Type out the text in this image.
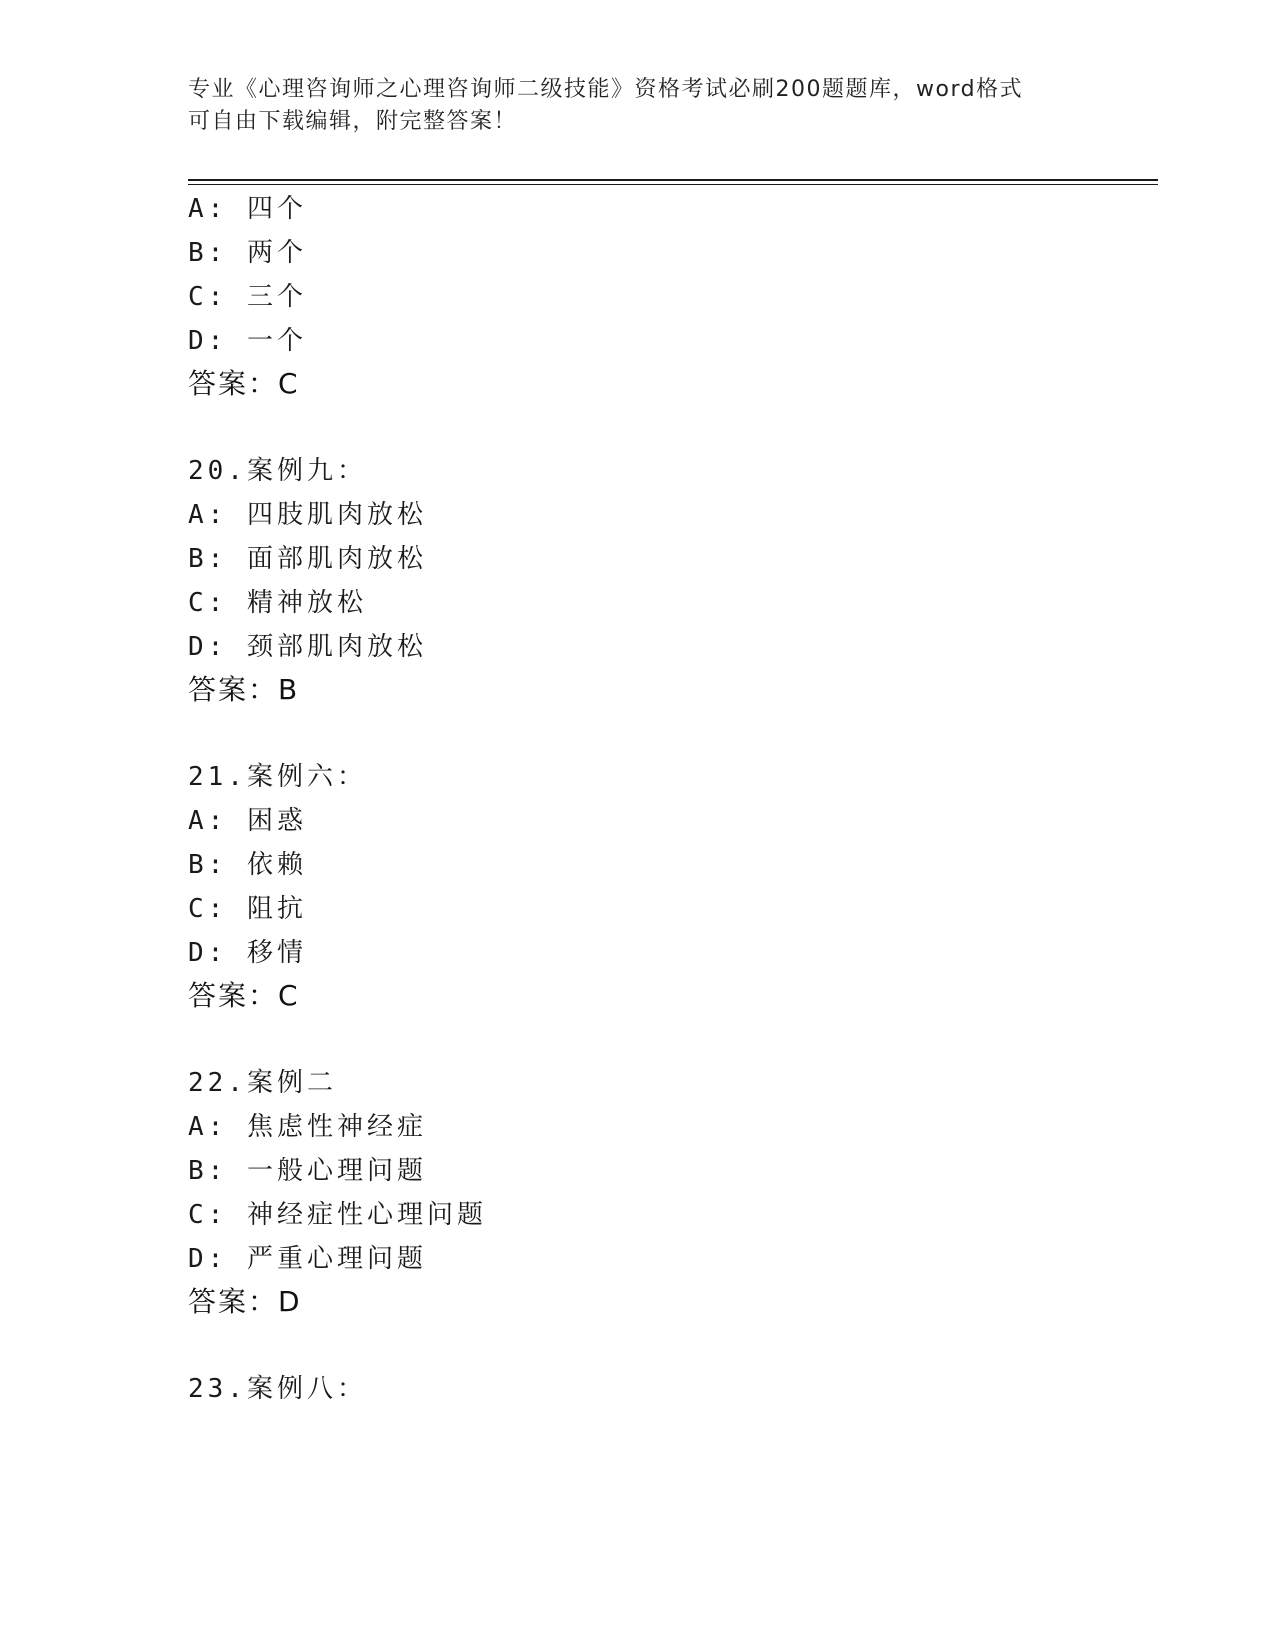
专业《心理咨询师之心理咨询师二级技能》资格考试必刷200题题库，word格式
可自由下载编辑，附完整答案！
A: 四个
B: 两个
C: 三个
D: 一个
答案：C
20.案例九：
A: 四肢肌肉放松
B: 面部肌肉放松
C: 精神放松
D: 颈部肌肉放松
答案：B
21.案例六：
A: 困惑
B: 依赖
C: 阻抗
D: 移情
答案：C
22.案例二
A: 焦虑性神经症
B: 一般心理问题
C: 神经症性心理问题
D: 严重心理问题
答案：D
23.案例八：
